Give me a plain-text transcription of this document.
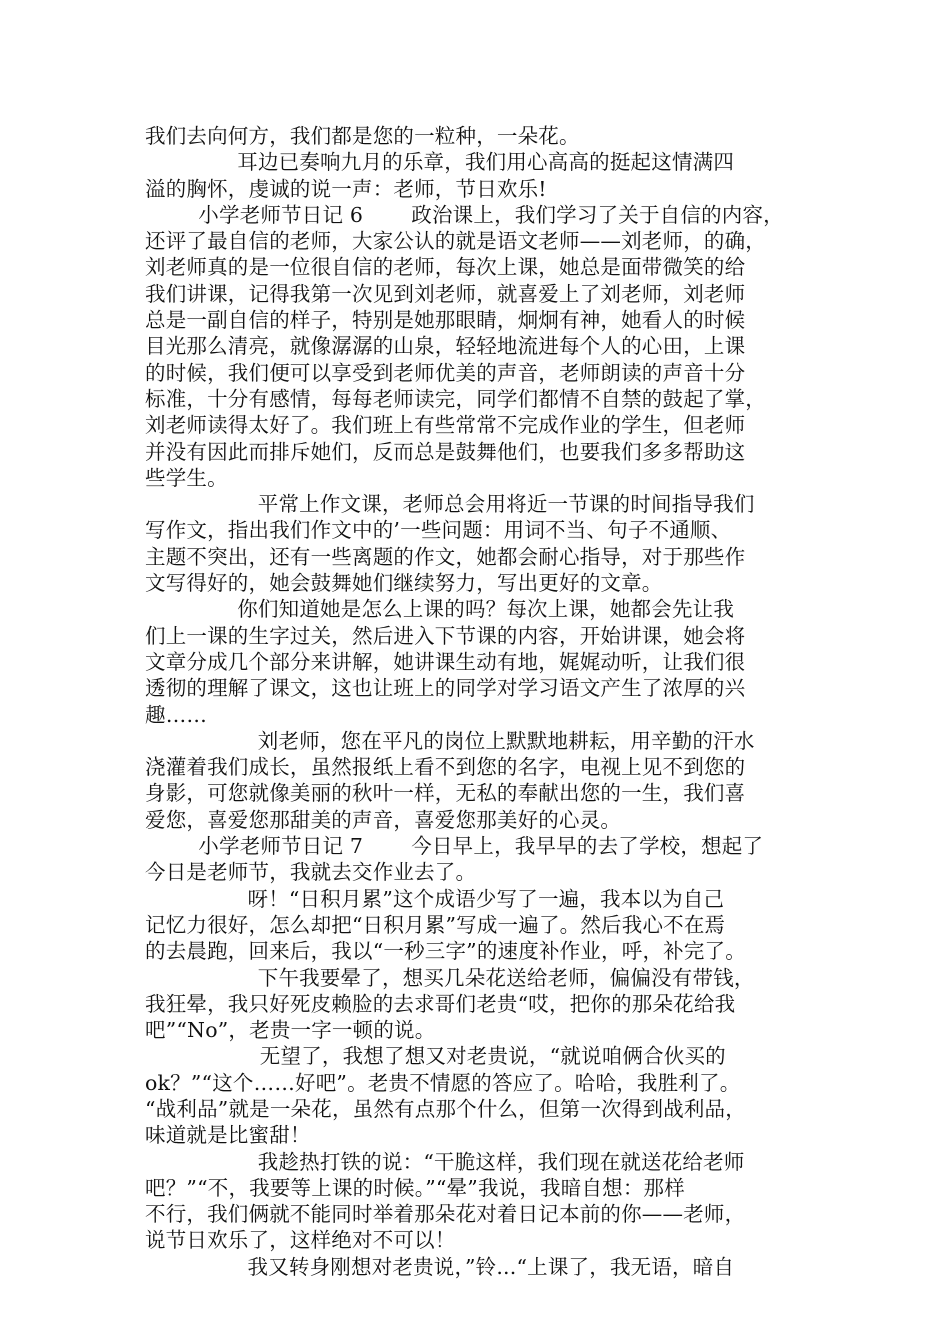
我们去向何方，我们都是您的一粒种，一朵花。
耳边已奏响九月的乐章，我们用心高高的挺起这情满四
溢的胸怀，虔诚的说一声：老师，节日欢乐!
小学老师节日记 6　　 政治课上，我们学习了关于自信的内容，
还评了最自信的老师，大家公认的就是语文老师——刘老师，的确，
刘老师真的是一位很自信的老师，每次上课，她总是面带微笑的给
我们讲课，记得我第一次见到刘老师，就喜爱上了刘老师，刘老师
总是一副自信的样子，特别是她那眼睛，炯炯有神，她看人的时候
目光那么清亮，就像潺潺的山泉，轻轻地流进每个人的心田，上课
的时候，我们便可以享受到老师优美的声音，老师朗读的声音十分
标准，十分有感情，每每老师读完，同学们都情不自禁的鼓起了掌，
刘老师读得太好了。我们班上有些常常不完成作业的学生，但老师
并没有因此而排斥她们，反而总是鼓舞他们，也要我们多多帮助这
些学生。
平常上作文课，老师总会用将近一节课的时间指导我们
写作文，指出我们作文中的’一些问题：用词不当、句子不通顺、
主题不突出，还有一些离题的作文，她都会耐心指导，对于那些作
文写得好的，她会鼓舞她们继续努力，写出更好的文章。
你们知道她是怎么上课的吗？每次上课，她都会先让我
们上一课的生字过关，然后进入下节课的内容，开始讲课，她会将
文章分成几个部分来讲解，她讲课生动有地，娓娓动听，让我们很
透彻的理解了课文，这也让班上的同学对学习语文产生了浓厚的兴
趣……
刘老师，您在平凡的岗位上默默地耕耘，用辛勤的汗水
浇灌着我们成长，虽然报纸上看不到您的名字，电视上见不到您的
身影，可您就像美丽的秋叶一样，无私的奉献出您的一生，我们喜
爱您，喜爱您那甜美的声音，喜爱您那美好的心灵。
小学老师节日记 7　　 今日早上，我早早的去了学校，想起了
今日是老师节，我就去交作业去了。
呀！“日积月累”这个成语少写了一遍，我本以为自己
记忆力很好，怎么却把“日积月累”写成一遍了。然后我心不在焉
的去晨跑，回来后，我以“一秒三字”的速度补作业，呼，补完了。
下午我要晕了，想买几朵花送给老师，偏偏没有带钱，
我狂晕，我只好死皮赖脸的去求哥们老贵“哎，把你的那朵花给我
吧”“No”，老贵一字一顿的说。
无望了，我想了想又对老贵说，“就说咱俩合伙买的
ok？”“这个……好吧”。老贵不情愿的答应了。哈哈，我胜利了。
“战利品”就是一朵花，虽然有点那个什么，但第一次得到战利品，
味道就是比蜜甜！
我趁热打铁的说：“干脆这样，我们现在就送花给老师
吧？”“不，我要等上课的时候。”“晕”我说，我暗自想：那样
不行，我们俩就不能同时举着那朵花对着日记本前的你——老师，
说节日欢乐了，这样绝对不可以！
我又转身刚想对老贵说，”铃...“上课了，我无语，暗自
